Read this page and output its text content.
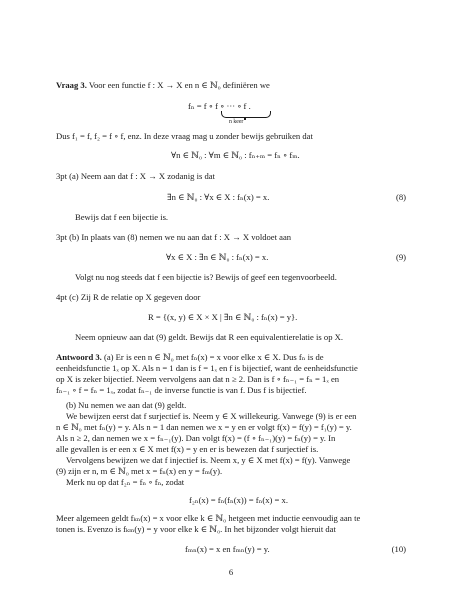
Vraag 3. Voor een functie f : X → X en n ∈ ℕ₀ definiëren we
fₙ = f ∘ f ∘ ··· ∘ f .
n keer
Dus f₁ = f, f₂ = f ∘ f, enz. In deze vraag mag u zonder bewijs gebruiken dat
∀n ∈ ℕ₀ : ∀m ∈ ℕ₀ : fₙ₊ₘ = fₙ ∘ fₘ.
3pt (a) Neem aan dat f : X → X zodanig is dat
∃n ∈ ℕ₀ : ∀x ∈ X : fₙ(x) = x.	(8)
Bewijs dat f een bijectie is.
3pt (b) In plaats van (8) nemen we nu aan dat f : X → X voldoet aan
∀x ∈ X : ∃n ∈ ℕ₀ : fₙ(x) = x.	(9)
Volgt nu nog steeds dat f een bijectie is? Bewijs of geef een tegenvoorbeeld.
4pt (c) Zij R de relatie op X gegeven door
R = {(x, y) ∈ X × X | ∃n ∈ ℕ₀ : fₙ(x) = y}.
Neem opnieuw aan dat (9) geldt. Bewijs dat R een equivalentierelatie is op X.
Antwoord 3. (a) Er is een n ∈ ℕ₀ met fₙ(x) = x voor elke x ∈ X. Dus fₙ is de
eenheidsfunctie 1ₓ op X. Als n = 1 dan is f = 1ₓ en f is bijectief, want de eenheidsfunctie
op X is zeker bijectief. Neem vervolgens aan dat n ≥ 2. Dan is f ∘ fₙ₋₁ = fₙ = 1ₓ en
fₙ₋₁ ∘ f = fₙ = 1ₓ, zodat fₙ₋₁ de inverse functie is van f. Dus f is bijectief.
(b) Nu nemen we aan dat (9) geldt.
We bewijzen eerst dat f surjectief is. Neem y ∈ X willekeurig. Vanwege (9) is er een
n ∈ ℕ₀ met fₙ(y) = y. Als n = 1 dan nemen we x = y en er volgt f(x) = f(y) = f₁(y) = y.
Als n ≥ 2, dan nemen we x = fₙ₋₁(y). Dan volgt f(x) = (f ∘ fₙ₋₁)(y) = fₙ(y) = y. In
alle gevallen is er een x ∈ X met f(x) = y en er is bewezen dat f surjectief is.
Vervolgens bewijzen we dat f injectief is. Neem x, y ∈ X met f(x) = f(y). Vanwege
(9) zijn er n, m ∈ ℕ₀ met x = fₙ(x) en y = fₘ(y).
Merk nu op dat f₂ₙ = fₙ ∘ fₙ, zodat
f₂ₙ(x) = fₙ(fₙ(x)) = fₙ(x) = x.
Meer algemeen geldt fₖₙ(x) = x voor elke k ∈ ℕ₀ hetgeen met inductie eenvoudig aan te
tonen is. Evenzo is fₖₘ(y) = y voor elke k ∈ ℕ₀. In het bijzonder volgt hieruit dat
fₘₙ(x) = x en fₘₙ(y) = y.	(10)
6
